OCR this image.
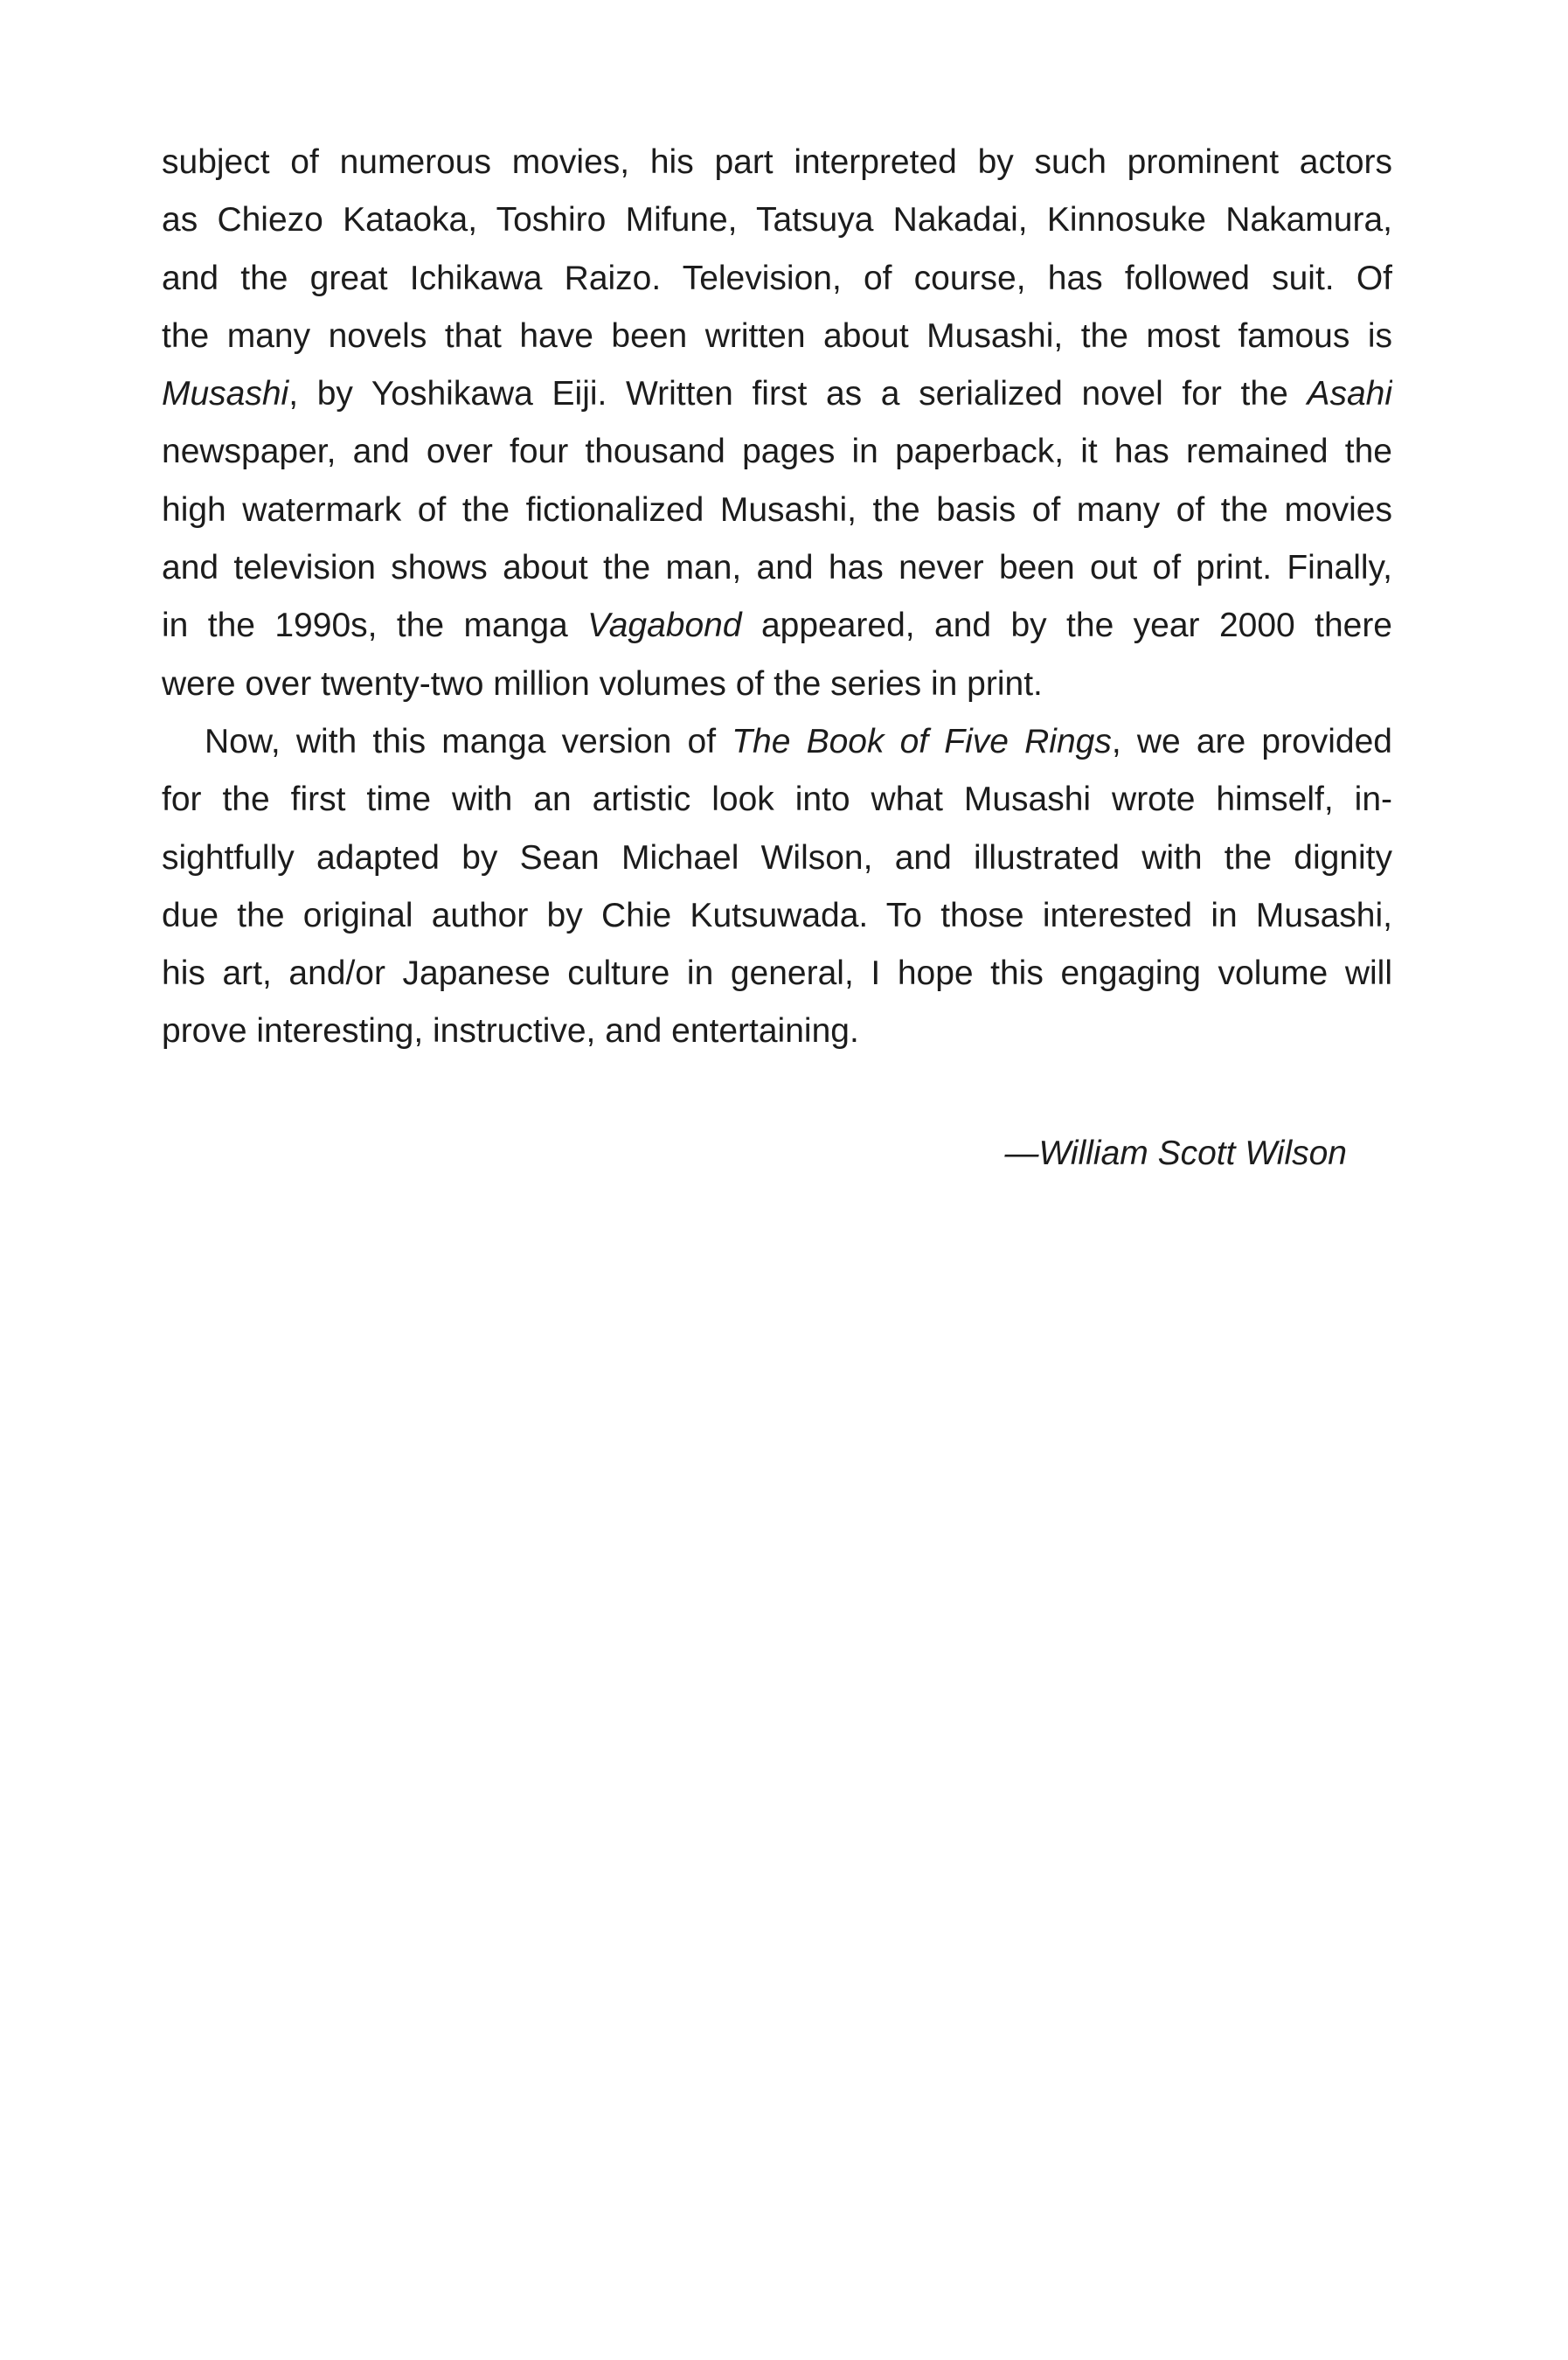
subject of numerous movies, his part interpreted by such prominent actors
as Chiezo Kataoka, Toshiro Mifune, Tatsuya Nakadai, Kinnosuke Nakamura,
and the great Ichikawa Raizo. Television, of course, has followed suit. Of
the many novels that have been written about Musashi, the most famous is
Musashi, by Yoshikawa Eiji. Written first as a serialized novel for the Asahi
newspaper, and over four thousand pages in paperback, it has remained the
high watermark of the fictionalized Musashi, the basis of many of the movies
and television shows about the man, and has never been out of print. Finally,
in the 1990s, the manga Vagabond appeared, and by the year 2000 there
were over twenty-two million volumes of the series in print.
Now, with this manga version of The Book of Five Rings, we are provided
for the first time with an artistic look into what Musashi wrote himself, in-
sightfully adapted by Sean Michael Wilson, and illustrated with the dignity
due the original author by Chie Kutsuwada. To those interested in Musashi,
his art, and/or Japanese culture in general, I hope this engaging volume will
prove interesting, instructive, and entertaining.
—William Scott Wilson
